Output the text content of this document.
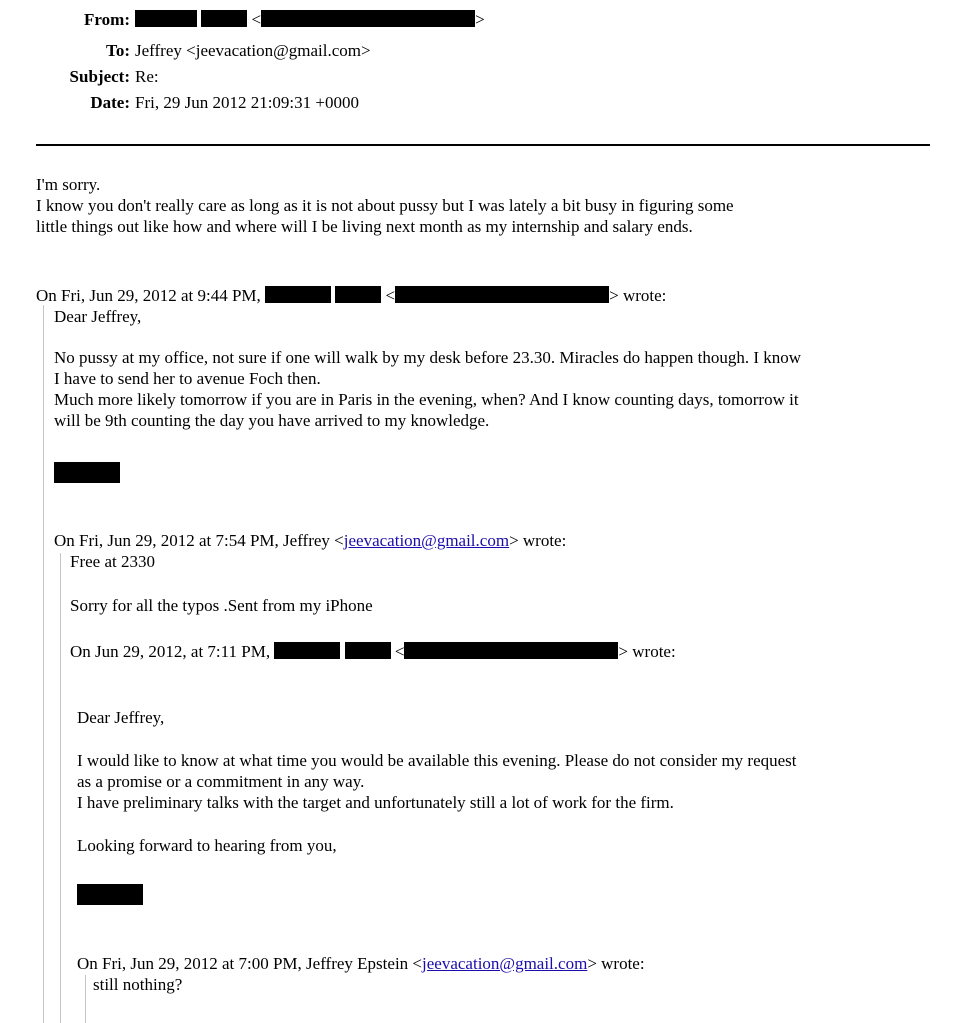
From:	<	>
To: Jeffrey <jeevacation@gmail.com>
Subject: Re:
Date: Fri, 29 Jun 2012 21:09:31 +0000

I'm sorry.

I know you don't really care as long as it is not about pussy but I was lately a bit busy in figuring some

little things out like how and where will I be living next month as my internship and salary ends.

On Fri, Jun 29, 2012 at 9:44 PM,	<	> wrote:

Dear Jeffrey,

No pussy at my office, not sure if one will walk by my desk before 23.30. Miracles do happen though. I know

I have to send her to avenue Foch then.

Much more likely tomorrow if you are in Paris in the evening, when? And I know counting days, tomorrow it

will be 9th counting the day you have arrived to my knowledge.

On Fri, Jun 29, 2012 at 7:54 PM, Jeffrey <jeevacation@gmail.com> wrote:

Free at 2330

Sorry for all the typos .Sent from my iPhone

On Jun 29, 2012, at 7:11 PM,	<	> wrote:

Dear Jeffrey,

I would like to know at what time you would be available this evening. Please do not consider my request

as a promise or a commitment in any way.

I have preliminary talks with the target and unfortunately still a lot of work for the firm.

Looking forward to hearing from you,

On Fri, Jun 29, 2012 at 7:00 PM, Jeffrey Epstein <jeevacation@gmail.com> wrote:

still nothing?
